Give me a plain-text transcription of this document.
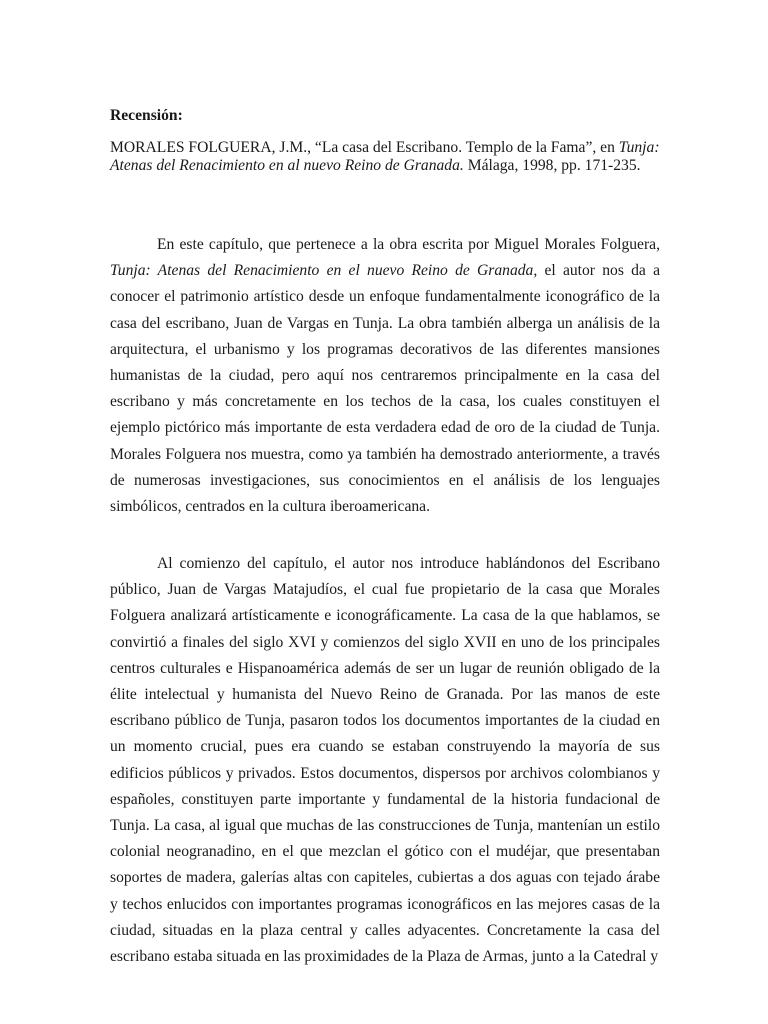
Recensión:

MORALES FOLGUERA, J.M., “La casa del Escribano. Templo de la Fama”, en Tunja: Atenas del Renacimiento en al nuevo Reino de Granada. Málaga, 1998, pp. 171-235.

En este capítulo, que pertenece a la obra escrita por Miguel Morales Folguera, Tunja: Atenas del Renacimiento en el nuevo Reino de Granada, el autor nos da a conocer el patrimonio artístico desde un enfoque fundamentalmente iconográfico de la casa del escribano, Juan de Vargas en Tunja. La obra también alberga un análisis de la arquitectura, el urbanismo y los programas decorativos de las diferentes mansiones humanistas de la ciudad, pero aquí nos centraremos principalmente en la casa del escribano y más concretamente en los techos de la casa, los cuales constituyen el ejemplo pictórico más importante de esta verdadera edad de oro de la ciudad de Tunja. Morales Folguera nos muestra, como ya también ha demostrado anteriormente, a través de numerosas investigaciones, sus conocimientos en el análisis de los lenguajes simbólicos, centrados en la cultura iberoamericana.

Al comienzo del capítulo, el autor nos introduce hablándonos del Escribano público, Juan de Vargas Matajudíos, el cual fue propietario de la casa que Morales Folguera analizará artísticamente e iconográficamente. La casa de la que hablamos, se convirtió a finales del siglo XVI y comienzos del siglo XVII en uno de los principales centros culturales e Hispanoamérica además de ser un lugar de reunión obligado de la élite intelectual y humanista del Nuevo Reino de Granada. Por las manos de este escribano público de Tunja, pasaron todos los documentos importantes de la ciudad en un momento crucial, pues era cuando se estaban construyendo la mayoría de sus edificios públicos y privados. Estos documentos, dispersos por archivos colombianos y españoles, constituyen parte importante y fundamental de la historia fundacional de Tunja. La casa, al igual que muchas de las construcciones de Tunja, mantenían un estilo colonial neogranadino, en el que mezclan el gótico con el mudéjar, que presentaban soportes de madera, galerías altas con capiteles, cubiertas a dos aguas con tejado árabe y techos enlucidos con importantes programas iconográficos en las mejores casas de la ciudad, situadas en la plaza central y calles adyacentes. Concretamente la casa del escribano estaba situada en las proximidades de la Plaza de Armas, junto a la Catedral y
